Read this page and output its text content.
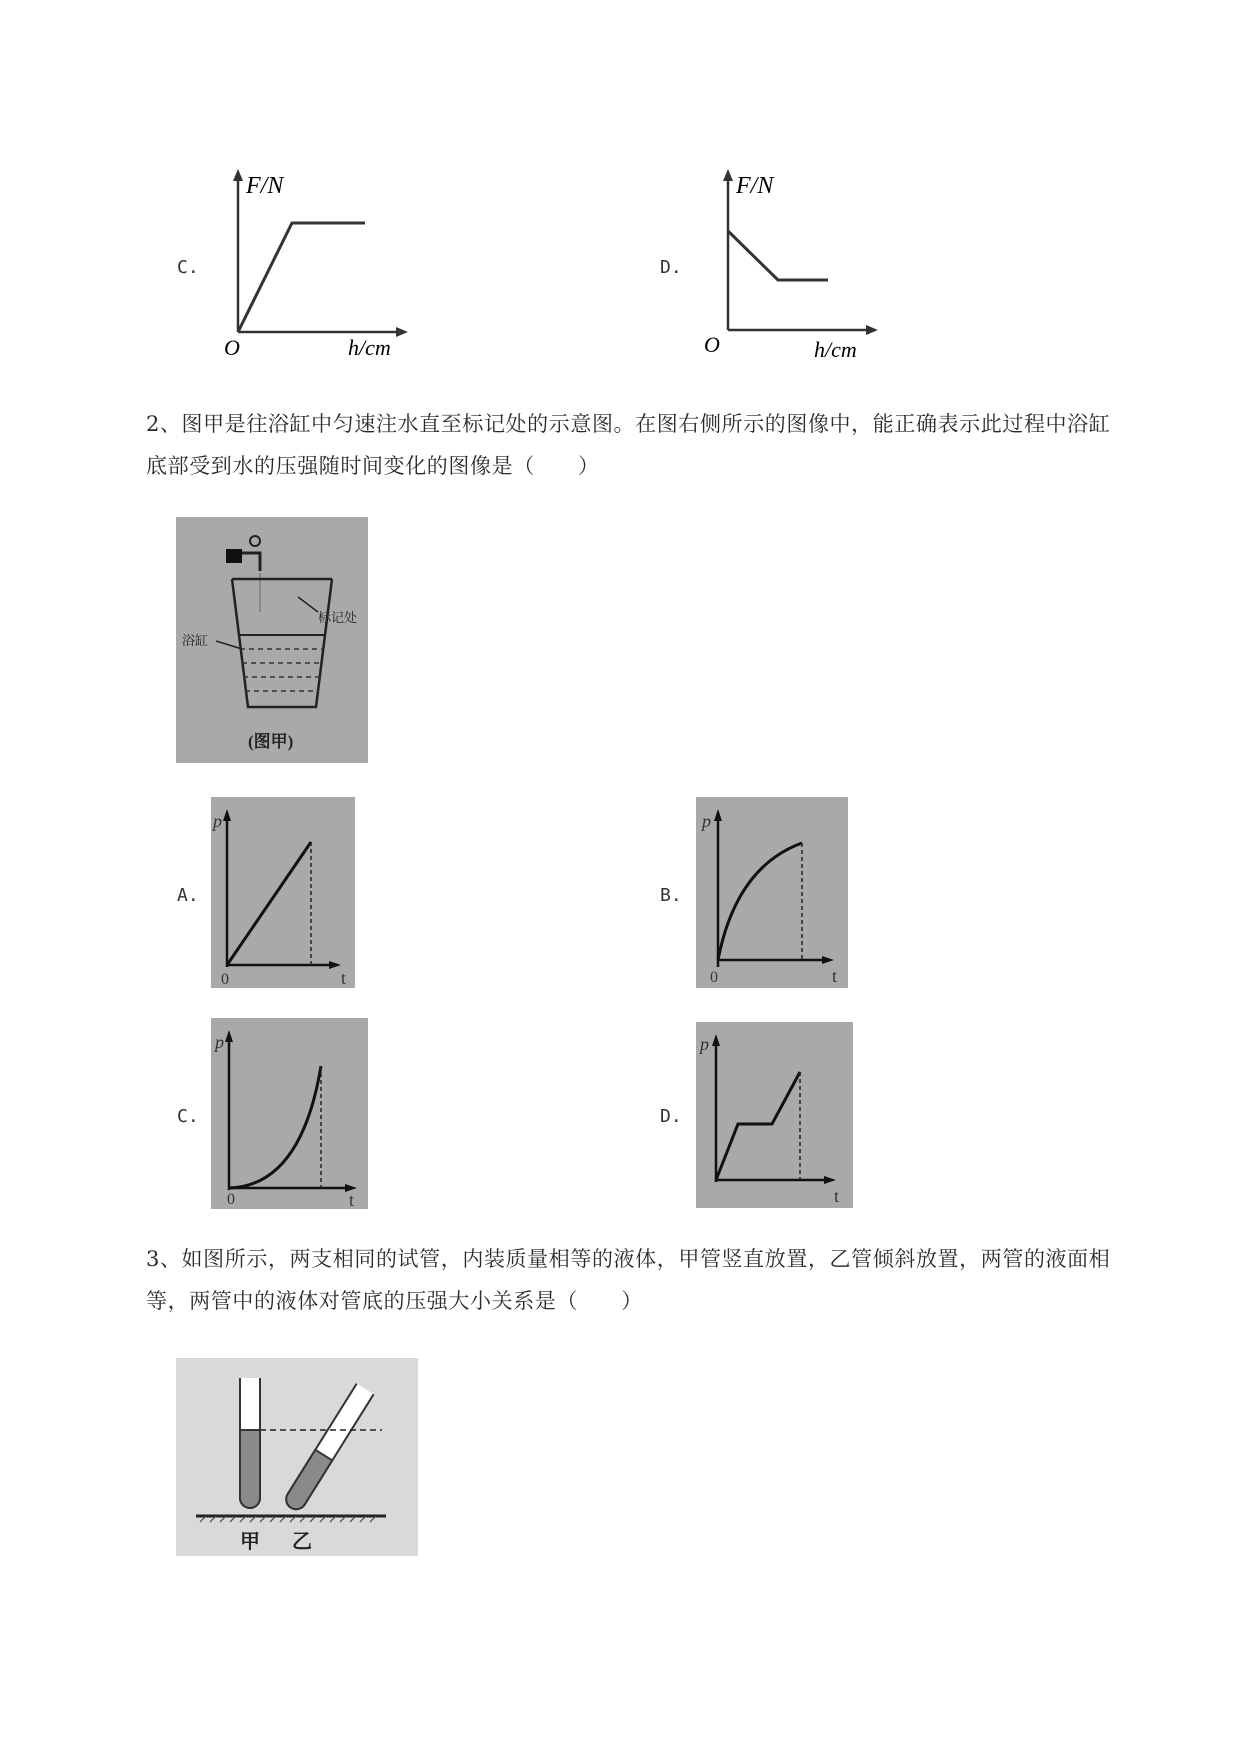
C.
F/N
O	h/cm
D.
F/N
O	h/cm
2、图甲是往浴缸中匀速注水直至标记处的示意图。在图右侧所示的图像中，能正确表示此过程中浴缸
底部受到水的压强随时间变化的图像是（　　）
标记处
浴缸
(图甲)
A.
p
0	t
B.
p
0	t
C.
p
0	t
D.
p
t
3、如图所示，两支相同的试管，内装质量相等的液体，甲管竖直放置，乙管倾斜放置，两管的液面相
等，两管中的液体对管底的压强大小关系是（　　）
甲 乙
